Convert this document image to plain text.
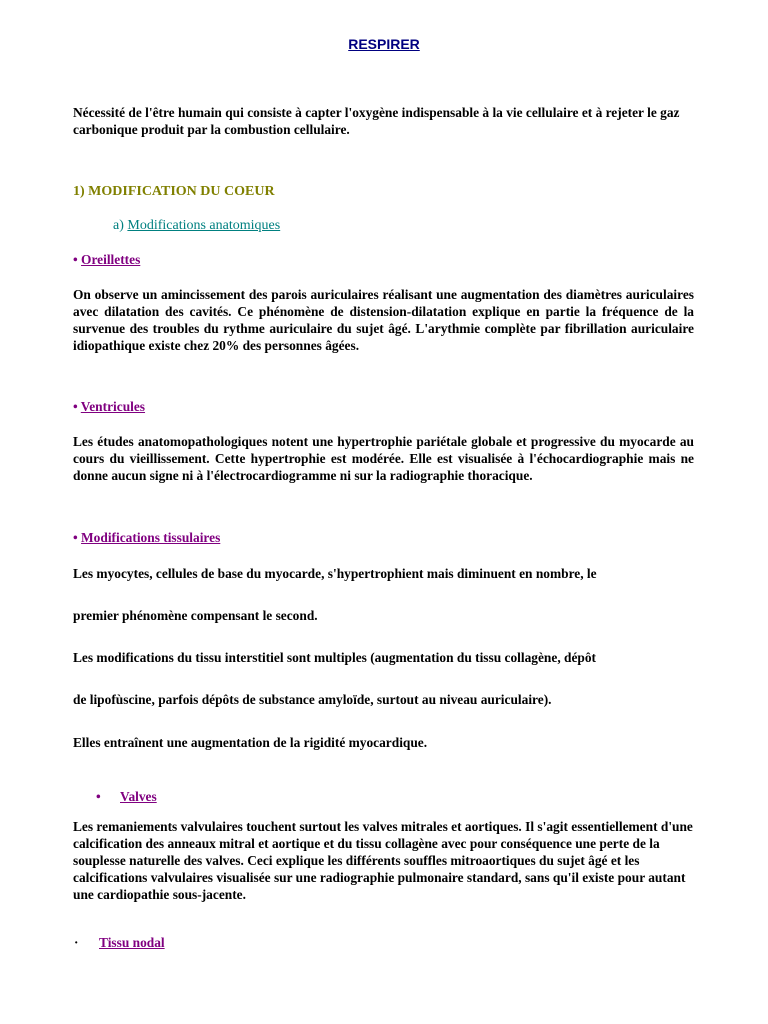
RESPIRER
Nécessité de l'être humain qui consiste à capter l'oxygène indispensable à la vie cellulaire et à rejeter le gaz carbonique produit par la combustion cellulaire.
1) MODIFICATION DU COEUR
a) Modifications anatomiques
• Oreillettes
On observe un amincissement des parois auriculaires réalisant une augmentation des diamètres auriculaires avec dilatation des cavités. Ce phénomène de distension-dilatation explique en partie la fréquence de la survenue des troubles du rythme auriculaire du sujet âgé. L'arythmie complète par fibrillation auriculaire idiopathique existe chez 20% des personnes âgées.
• Ventricules
Les études anatomopathologiques notent une hypertrophie pariétale globale et progressive du myocarde au cours du vieillissement. Cette hypertrophie est modérée. Elle est visualisée à l'échocardiographie mais ne donne aucun signe ni à l'électrocardiogramme ni sur la radiographie thoracique.
• Modifications tissulaires
Les myocytes, cellules de base du myocarde, s'hypertrophient mais diminuent en nombre, le
premier phénomène compensant le second.
Les modifications du tissu interstitiel sont multiples (augmentation du tissu collagène, dépôt
de lipofùscine, parfois dépôts de substance amyloïde, surtout au niveau auriculaire).
Elles entraînent une augmentation de la rigidité myocardique.
• Valves
Les remaniements valvulaires touchent surtout les valves mitrales et aortiques. Il s'agit essentiellement d'une calcification des anneaux mitral et aortique et du tissu collagène avec pour conséquence une perte de la souplesse naturelle des valves. Ceci explique les différents souffles mitroaortiques du sujet âgé et les calcifications valvulaires visualisée sur une radiographie pulmonaire standard, sans qu'il existe pour autant une cardiopathie sous-jacente.
· Tissu nodal
